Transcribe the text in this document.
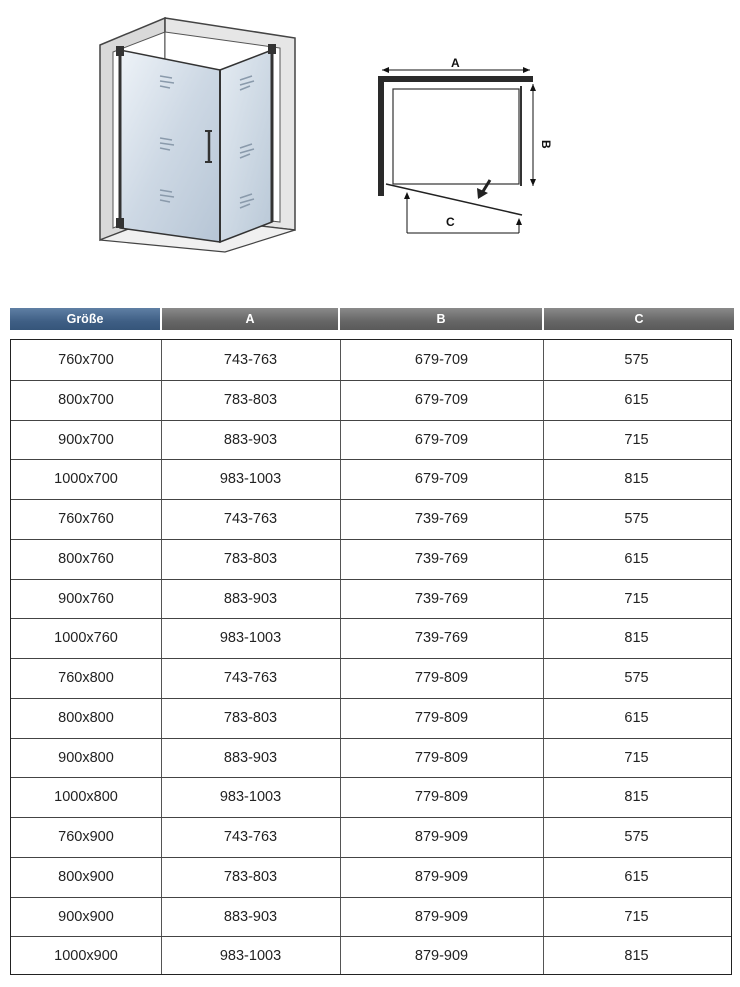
A
B
C
Größe	A	B	C
760x700	743-763	679-709	575
800x700	783-803	679-709	615
900x700	883-903	679-709	715
1000x700	983-1003	679-709	815
760x760	743-763	739-769	575
800x760	783-803	739-769	615
900x760	883-903	739-769	715
1000x760	983-1003	739-769	815
760x800	743-763	779-809	575
800x800	783-803	779-809	615
900x800	883-903	779-809	715
1000x800	983-1003	779-809	815
760x900	743-763	879-909	575
800x900	783-803	879-909	615
900x900	883-903	879-909	715
1000x900	983-1003	879-909	815
